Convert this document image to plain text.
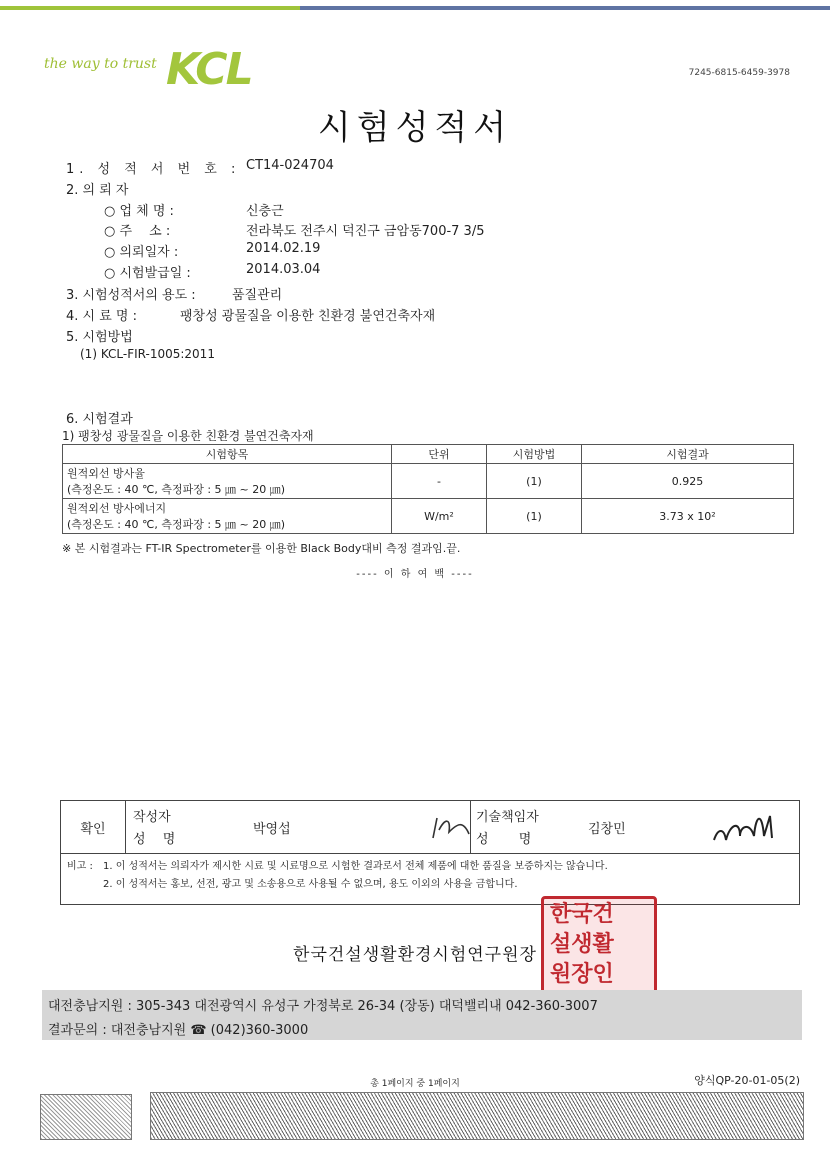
the way to trust KCL	7245-6815-6459-3978
시험성적서
1. 성 적 서 번 호 : CT14-024704
2. 의 뢰 자
○ 업 체 명 :	신충근
○ 주　 소 :	전라북도 전주시 덕진구 금암동700-7 3/5
○ 의뢰일자 :	2014.02.19
○ 시험발급일 :	2014.03.04
3. 시험성적서의 용도 :	품질관리
4. 시 료 명 :	팽창성 광물질을 이용한 친환경 불연건축자재
5. 시험방법
(1) KCL-FIR-1005:2011
6. 시험결과
1) 팽창성 광물질을 이용한 친환경 불연건축자재
시험항목	단위	시험방법	시험결과

원적외선 방사율
(측정온도 : 40 ℃, 측정파장 : 5 ㎛ ~ 20 ㎛)	-	(1)	0.925

원적외선 방사에너지
(측정온도 : 40 ℃, 측정파장 : 5 ㎛ ~ 20 ㎛)	W/m²	(1)	3.73 x 10²
※ 본 시험결과는 FT-IR Spectrometer를 이용한 Black Body대비 측정 결과임.끝.
---- 이 하 여 백 ----
확인	
작성자
성　 명
박영섭

기술책임자
성　　 명
김창민

비고 : 1. 이 성적서는 의뢰자가 제시한 시료 및 시료명으로 시험한 결과로서 전체 제품에 대한 품질을 보증하지는 않습니다.
2. 이 성적서는 홍보, 선전, 광고 및 소송용으로 사용될 수 없으며, 용도 이외의 사용을 금합니다.
한국건설생활환경시험연구원장
한국건
설생활
원장인
대전충남지원 : 305-343 대전광역시 유성구 가정북로 26-34 (장동) 대덕밸리내 042-360-3007
결과문의 : 대전충남지원 ☎ (042)360-3000
총 1페이지 중 1페이지	양식QP-20-01-05(2)
